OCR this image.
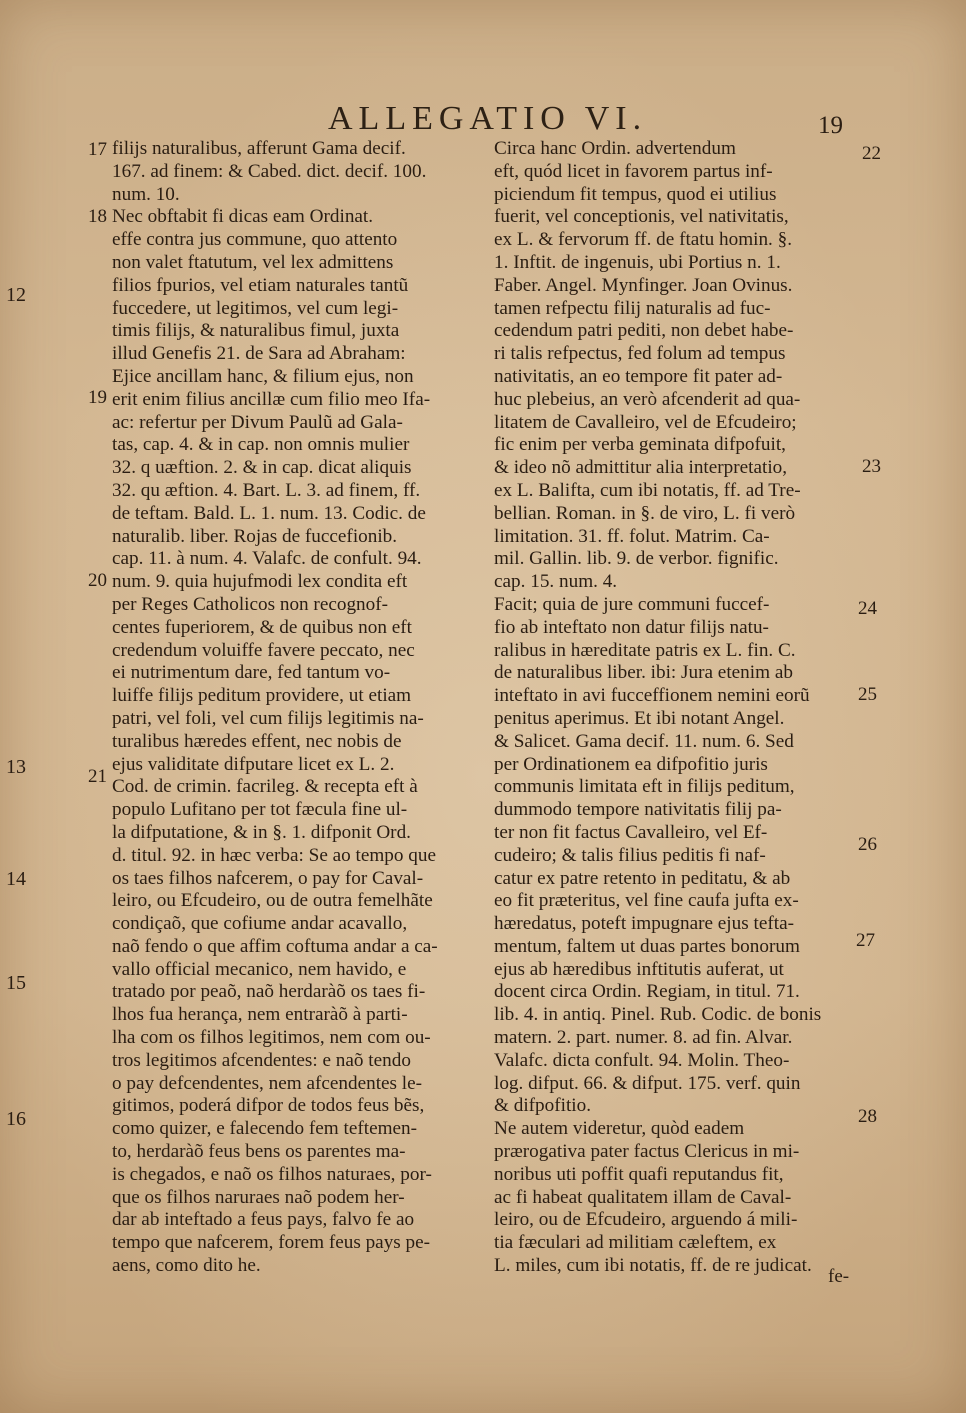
ALLEGATIO VI.	19

filijs naturalibus, afferunt Gama decif.

167. ad finem: & Cabed. dict. decif. 100.

num. 10.

Nec obftabit fi dicas eam Ordinat.

effe contra jus commune, quo attento

non valet ftatutum, vel lex admittens

filios fpurios, vel etiam naturales tantũ

fuccedere, ut legitimos, vel cum legi-

timis filijs, & naturalibus fimul, juxta

illud Genefis 21. de Sara ad Abraham:

Ejice ancillam hanc, & filium ejus, non

erit enim filius ancillæ cum filio meo Ifa-

ac: refertur per Divum Paulũ ad Gala-

tas, cap. 4. & in cap. non omnis mulier

32. q uæftion. 2. & in cap. dicat aliquis

32. qu æftion. 4. Bart. L. 3. ad finem, ff.

de teftam. Bald. L. 1. num. 13. Codic. de

naturalib. liber. Rojas de fuccefionib.

cap. 11. à num. 4. Valafc. de confult. 94.

num. 9. quia hujufmodi lex condita eft

per Reges Catholicos non recognof-

centes fuperiorem, & de quibus non eft

credendum voluiffe favere peccato, nec

ei nutrimentum dare, fed tantum vo-

luiffe filijs peditum providere, ut etiam

patri, vel foli, vel cum filijs legitimis na-

turalibus hæredes effent, nec nobis de

ejus validitate difputare licet ex L. 2.

Cod. de crimin. facrileg. & recepta eft à

populo Lufitano per tot fæcula fine ul-

la difputatione, & in §. 1. difponit Ord.

d. titul. 92. in hæc verba: Se ao tempo que

os taes filhos nafcerem, o pay for Caval-

leiro, ou Efcudeiro, ou de outra femelhãte

condiçaõ, que cofiume andar acavallo,

naõ fendo o que affim coftuma andar a ca-

vallo official mecanico, nem havido, e

tratado por peaõ, naõ herdaràõ os taes fi-

lhos fua herança, nem entraràõ à parti-

lha com os filhos legitimos, nem com ou-

tros legitimos afcendentes: e naõ tendo

o pay defcendentes, nem afcendentes le-

gitimos, poderá difpor de todos feus bẽs,

como quizer, e falecendo fem teftemen-

to, herdaràõ feus bens os parentes ma-

is chegados, e naõ os filhos naturaes, por-

que os filhos naruraes naõ podem her-

dar ab inteftado a feus pays, falvo fe ao

tempo que nafcerem, forem feus pays pe-

aens, como dito he.

Circa hanc Ordin. advertendum

eft, quód licet in favorem partus inf-

piciendum fit tempus, quod ei utilius

fuerit, vel conceptionis, vel nativitatis,

ex L. & fervorum ff. de ftatu homin. §.

1. Inftit. de ingenuis, ubi Portius n. 1.

Faber. Angel. Mynfinger. Joan Ovinus.

tamen refpectu filij naturalis ad fuc-

cedendum patri pediti, non debet habe-

ri talis refpectus, fed folum ad tempus

nativitatis, an eo tempore fit pater ad-

huc plebeius, an verò afcenderit ad qua-

litatem de Cavalleiro, vel de Efcudeiro;

fic enim per verba geminata difpofuit,

& ideo nõ admittitur alia interpretatio,

ex L. Balifta, cum ibi notatis, ff. ad Tre-

bellian. Roman. in §. de viro, L. fi verò

limitation. 31. ff. folut. Matrim. Ca-

mil. Gallin. lib. 9. de verbor. fignific.

cap. 15. num. 4.

Facit; quia de jure communi fuccef-

fio ab inteftato non datur filijs natu-

ralibus in hæreditate patris ex L. fin. C.

de naturalibus liber. ibi: Jura etenim ab

inteftato in avi fucceffionem nemini eorũ

penitus aperimus. Et ibi notant Angel.

& Salicet. Gama decif. 11. num. 6. Sed

per Ordinationem ea difpofitio juris

communis limitata eft in filijs peditum,

dummodo tempore nativitatis filij pa-

ter non fit factus Cavalleiro, vel Ef-

cudeiro; & talis filius peditis fi naf-

catur ex patre retento in peditatu, & ab

eo fit præteritus, vel fine caufa jufta ex-

hæredatus, poteft impugnare ejus tefta-

mentum, faltem ut duas partes bonorum

ejus ab hæredibus inftitutis auferat, ut

docent circa Ordin. Regiam, in titul. 71.

lib. 4. in antiq. Pinel. Rub. Codic. de bonis

matern. 2. part. numer. 8. ad fin. Alvar.

Valafc. dicta confult. 94. Molin. Theo-

log. difput. 66. & difput. 175. verf. quin

& difpofitio.

Ne autem videretur, quòd eadem

prærogativa pater factus Clericus in mi-

noribus uti poffit quafi reputandus fit,

ac fi habeat qualitatem illam de Caval-

leiro, ou de Efcudeiro, arguendo á mili-

tia fæculari ad militiam cæleftem, ex

L. miles, cum ibi notatis, ff. de re judicat.

17
18
19
20
21
22
23
24
25
26
27
28
12
13
14
15
16
fe-
